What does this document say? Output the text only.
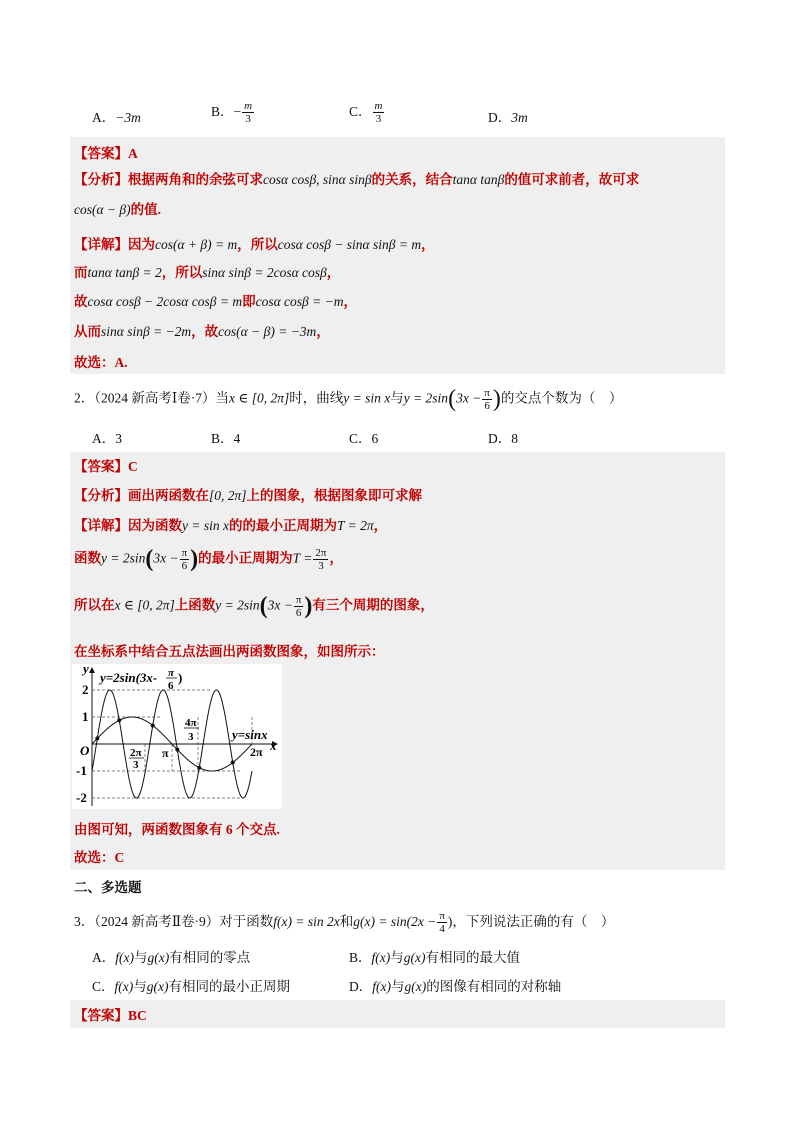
A．−3m	B．− $\frac{m}{3}$	C． $\frac{m}{3}$	D．3m
【答案】A
【分析】根据两角和的余弦可求cosα cosβ, sinα sinβ的关系，结合tanα tanβ的值可求前者，故可求
cos(α − β)的值.
【详解】因为cos(α + β) = m，所以cosα cosβ − sinα sinβ = m，
而tanα tanβ = 2，所以sinα sinβ = 2cosα cosβ，
故cosα cosβ − 2cosα cosβ = m即cosα cosβ = −m，
从而sinα sinβ = −2m，故cos(α − β) = −3m，
故选：A.
2．（2024 新高考Ⅰ卷·7）当x ∈ [0, 2π]时，曲线y = sin x与$y = 2\sin(3x - \frac{\pi}{6}$ )的交点个数为（　）
A．3	B．4	C．6	D．8
【答案】C
【分析】画出两函数在[0, 2π]上的图象，根据图象即可求解
【详解】因为函数y = sin x的的最小正周期为T = 2π，
函数$y = 2\sin(3x - \frac{\pi}{6}$ )的最小正周期为$T = \frac{2\pi}{3}$ ，
所以在x ∈ [0, 2π]上函数$y = 2\sin(3x - \frac{\pi}{6}$ )有三个周期的图象，
在坐标系中结合五点法画出两函数图象，如图所示：
y
x
O
2
1
-1
-2
y=2sin(3x- π
6
)
y=sinx
2π
3
π
4π
3
2π
由图可知，两函数图象有 6 个交点.
故选：C
二、多选题
3．（2024 新高考Ⅱ卷·9）对于函数f(x) = sin 2x和$g(x) = \sin(2x - \frac{\pi}{4}$ )，下列说法正确的有（　）
A．f(x)与g(x)有相同的零点	B．f(x)与g(x)有相同的最大值
C．f(x)与g(x)有相同的最小正周期	D．f(x)与g(x)的图像有相同的对称轴
【答案】BC
